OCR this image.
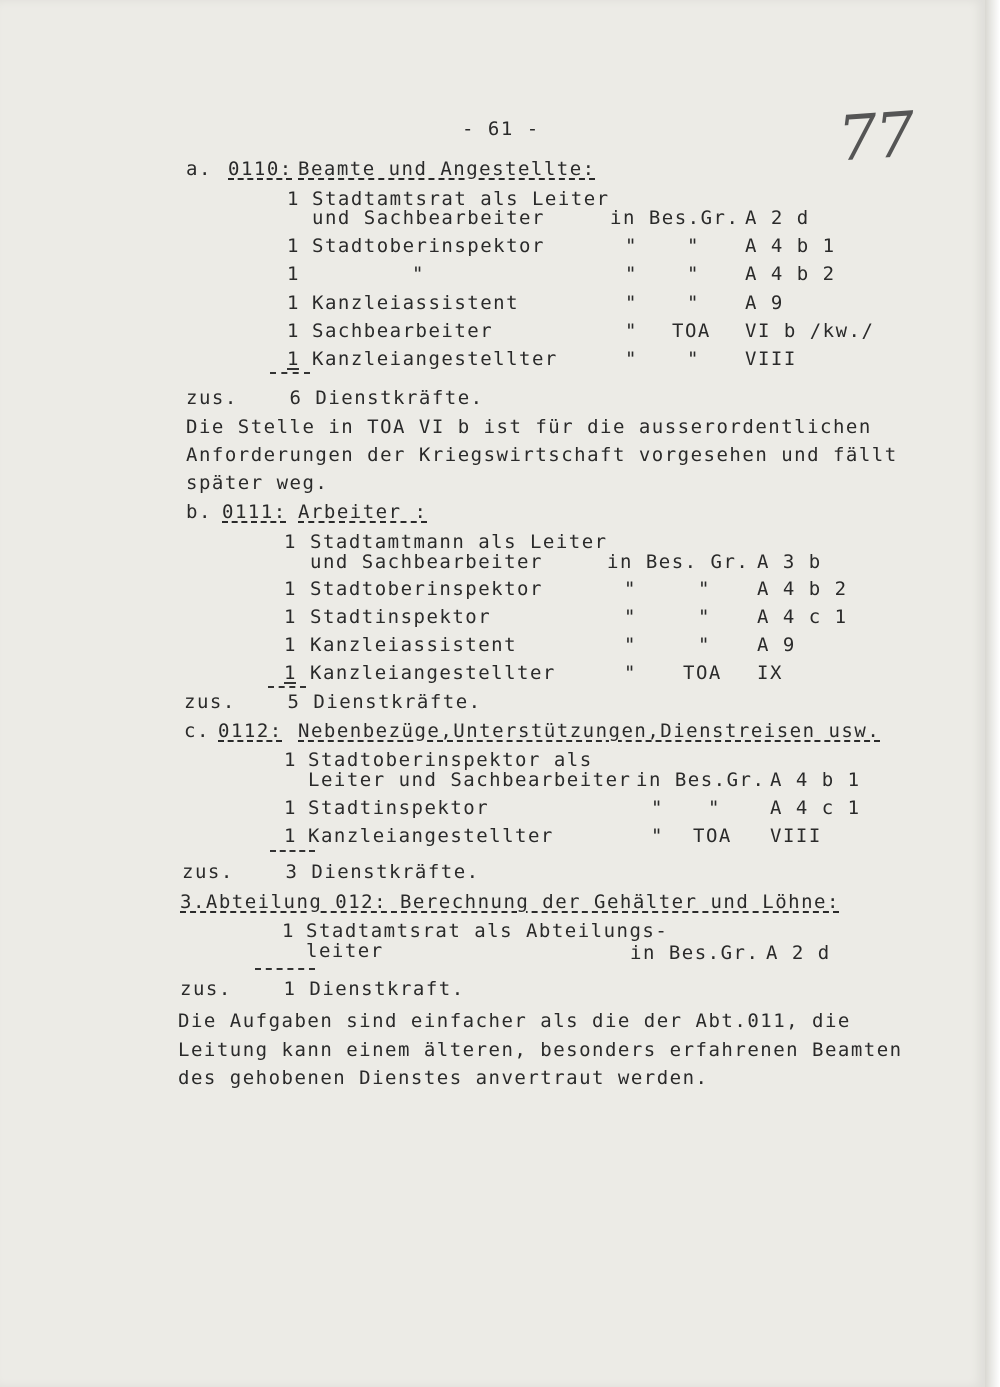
- 61 -	77
a. 0110: Beamte und Angestellte:
1 Stadtamtsrat als Leiter
und Sachbearbeiter	in Bes.Gr. A 2 d
1 Stadtoberinspektor	"	" A 4 b 1
1	"	"	" A 4 b 2
1 Kanzleiassistent	"	" A 9
1 Sachbearbeiter	" TOA VI b /kw./
1 Kanzleiangestellter	"	" VIII
zus.    6 Dienstkräfte.
Die Stelle in TOA VI b ist für die ausserordentlichen
Anforderungen der Kriegswirtschaft vorgesehen und fällt
später weg.
b. 0111: Arbeiter :
1 Stadtamtmann als Leiter
und Sachbearbeiter	in Bes. Gr. A 3 b
1 Stadtoberinspektor	"	" A 4 b 2
1 Stadtinspektor	"	" A 4 c 1
1 Kanzleiassistent	"	" A 9
1 Kanzleiangestellter	" TOA IX
zus.    5 Dienstkräfte.
c. 0112: Nebenbezüge,Unterstützungen,Dienstreisen usw.
1 Stadtoberinspektor als
Leiter und Sachbearbeiter in Bes.Gr. A 4 b 1
1 Stadtinspektor	" "	A 4 c 1
1 Kanzleiangestellter	" TOA VIII
zus.    3 Dienstkräfte.
3.Abteilung 012: Berechnung der Gehälter und Löhne:
1 Stadtamtsrat als Abteilungs-
leiter	in Bes.Gr. A 2 d
zus.    1 Dienstkraft.
Die Aufgaben sind einfacher als die der Abt.011, die
Leitung kann einem älteren, besonders erfahrenen Beamten
des gehobenen Dienstes anvertraut werden.
